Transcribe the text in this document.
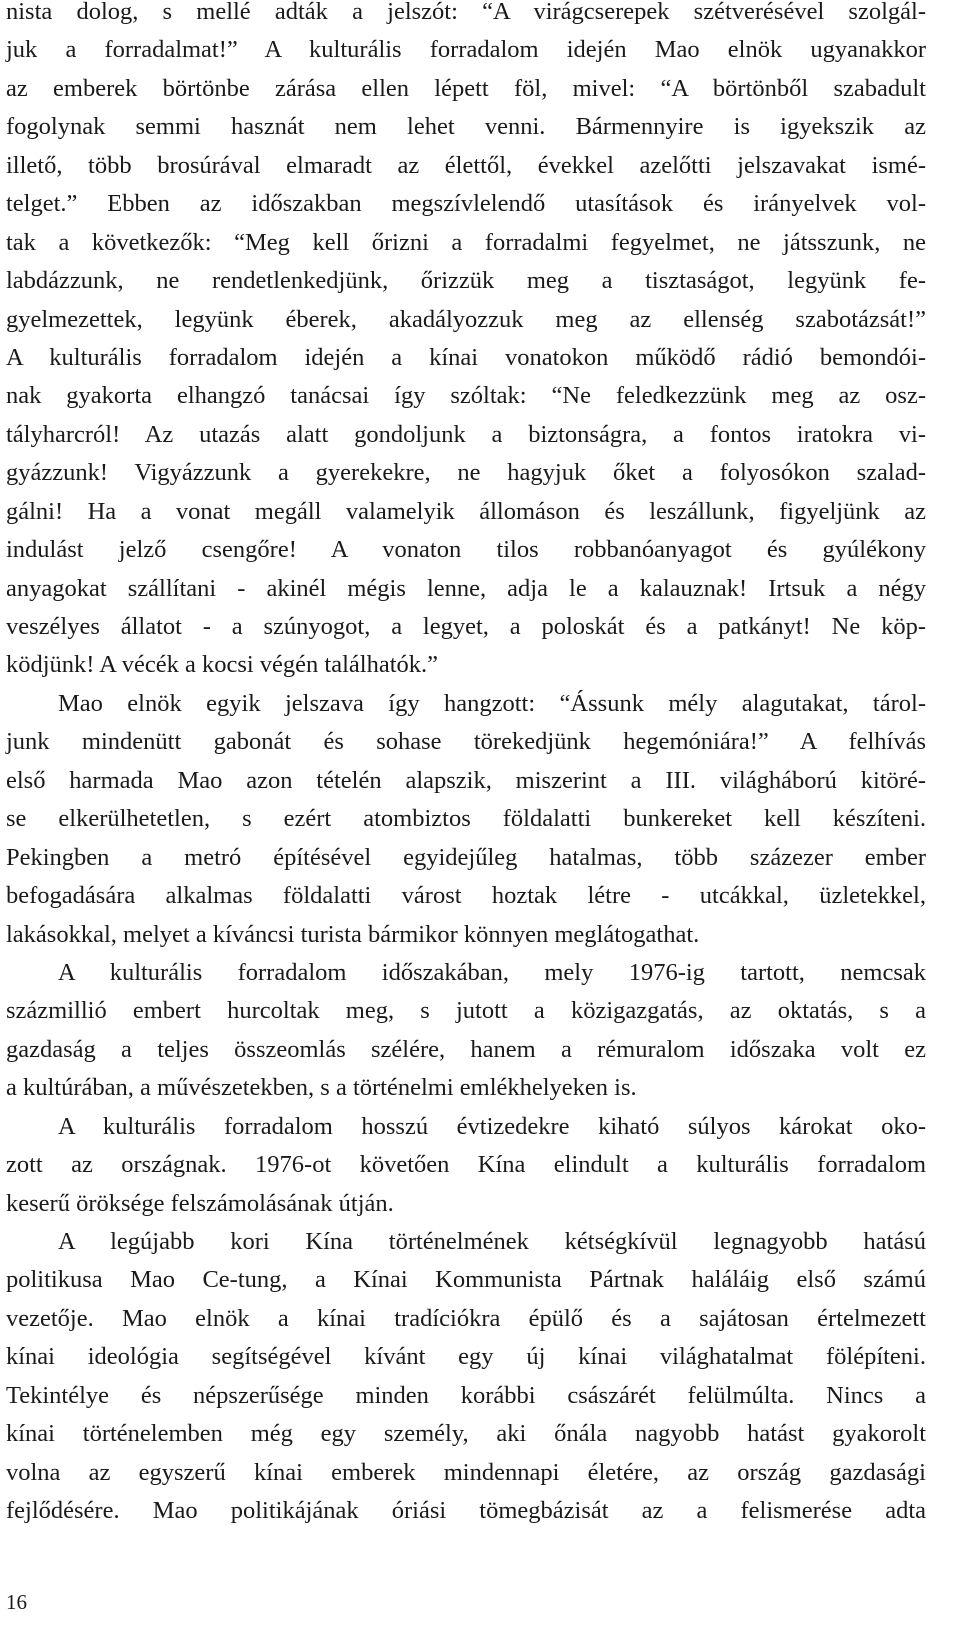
nista dolog, s mellé adták a jelszót: “A virágcserepek szétverésével szolgál-
juk a forradalmat!” A kulturális forradalom idején Mao elnök ugyanakkor
az emberek börtönbe zárása ellen lépett föl, mivel: “A börtönből szabadult
fogolynak semmi hasznát nem lehet venni. Bármennyire is igyekszik az
illető, több brosúrával elmaradt az élettől, évekkel azelőtti jelszavakat ismé-
telget.” Ebben az időszakban megszívlelendő utasítások és irányelvek vol-
tak a következők: “Meg kell őrizni a forradalmi fegyelmet, ne játsszunk, ne
labdázzunk, ne rendetlenkedjünk, őrizzük meg a tisztaságot, legyünk fe-
gyelmezettek, legyünk éberek, akadályozzuk meg az ellenség szabotázsát!”
A kulturális forradalom idején a kínai vonatokon működő rádió bemondói-
nak gyakorta elhangzó tanácsai így szóltak: “Ne feledkezzünk meg az osz-
tályharcról! Az utazás alatt gondoljunk a biztonságra, a fontos iratokra vi-
gyázzunk! Vigyázzunk a gyerekekre, ne hagyjuk őket a folyosókon szalad-
gálni! Ha a vonat megáll valamelyik állomáson és leszállunk, figyeljünk az
indulást jelző csengőre! A vonaton tilos robbanóanyagot és gyúlékony
anyagokat szállítani - akinél mégis lenne, adja le a kalauznak! Irtsuk a négy
veszélyes állatot - a szúnyogot, a legyet, a poloskát és a patkányt! Ne köp-
ködjünk! A vécék a kocsi végén találhatók.”
Mao elnök egyik jelszava így hangzott: “Ássunk mély alagutakat, tárol-
junk mindenütt gabonát és sohase törekedjünk hegemóniára!” A felhívás
első harmada Mao azon tételén alapszik, miszerint a III. világháború kitöré-
se elkerülhetetlen, s ezért atombiztos földalatti bunkereket kell készíteni.
Pekingben a metró építésével egyidejűleg hatalmas, több százezer ember
befogadására alkalmas földalatti várost hoztak létre - utcákkal, üzletekkel,
lakásokkal, melyet a kíváncsi turista bármikor könnyen meglátogathat.
A kulturális forradalom időszakában, mely 1976-ig tartott, nemcsak
százmillió embert hurcoltak meg, s jutott a közigazgatás, az oktatás, s a
gazdaság a teljes összeomlás szélére, hanem a rémuralom időszaka volt ez
a kultúrában, a művészetekben, s a történelmi emlékhelyeken is.
A kulturális forradalom hosszú évtizedekre kiható súlyos károkat oko-
zott az országnak. 1976-ot követően Kína elindult a kulturális forradalom
keserű öröksége felszámolásának útján.
A legújabb kori Kína történelmének kétségkívül legnagyobb hatású
politikusa Mao Ce-tung, a Kínai Kommunista Pártnak haláláig első számú
vezetője. Mao elnök a kínai tradíciókra épülő és a sajátosan értelmezett
kínai ideológia segítségével kívánt egy új kínai világhatalmat fölépíteni.
Tekintélye és népszerűsége minden korábbi császárét felülmúlta. Nincs a
kínai történelemben még egy személy, aki őnála nagyobb hatást gyakorolt
volna az egyszerű kínai emberek mindennapi életére, az ország gazdasági
fejlődésére. Mao politikájának óriási tömegbázisát az a felismerése adta
16
